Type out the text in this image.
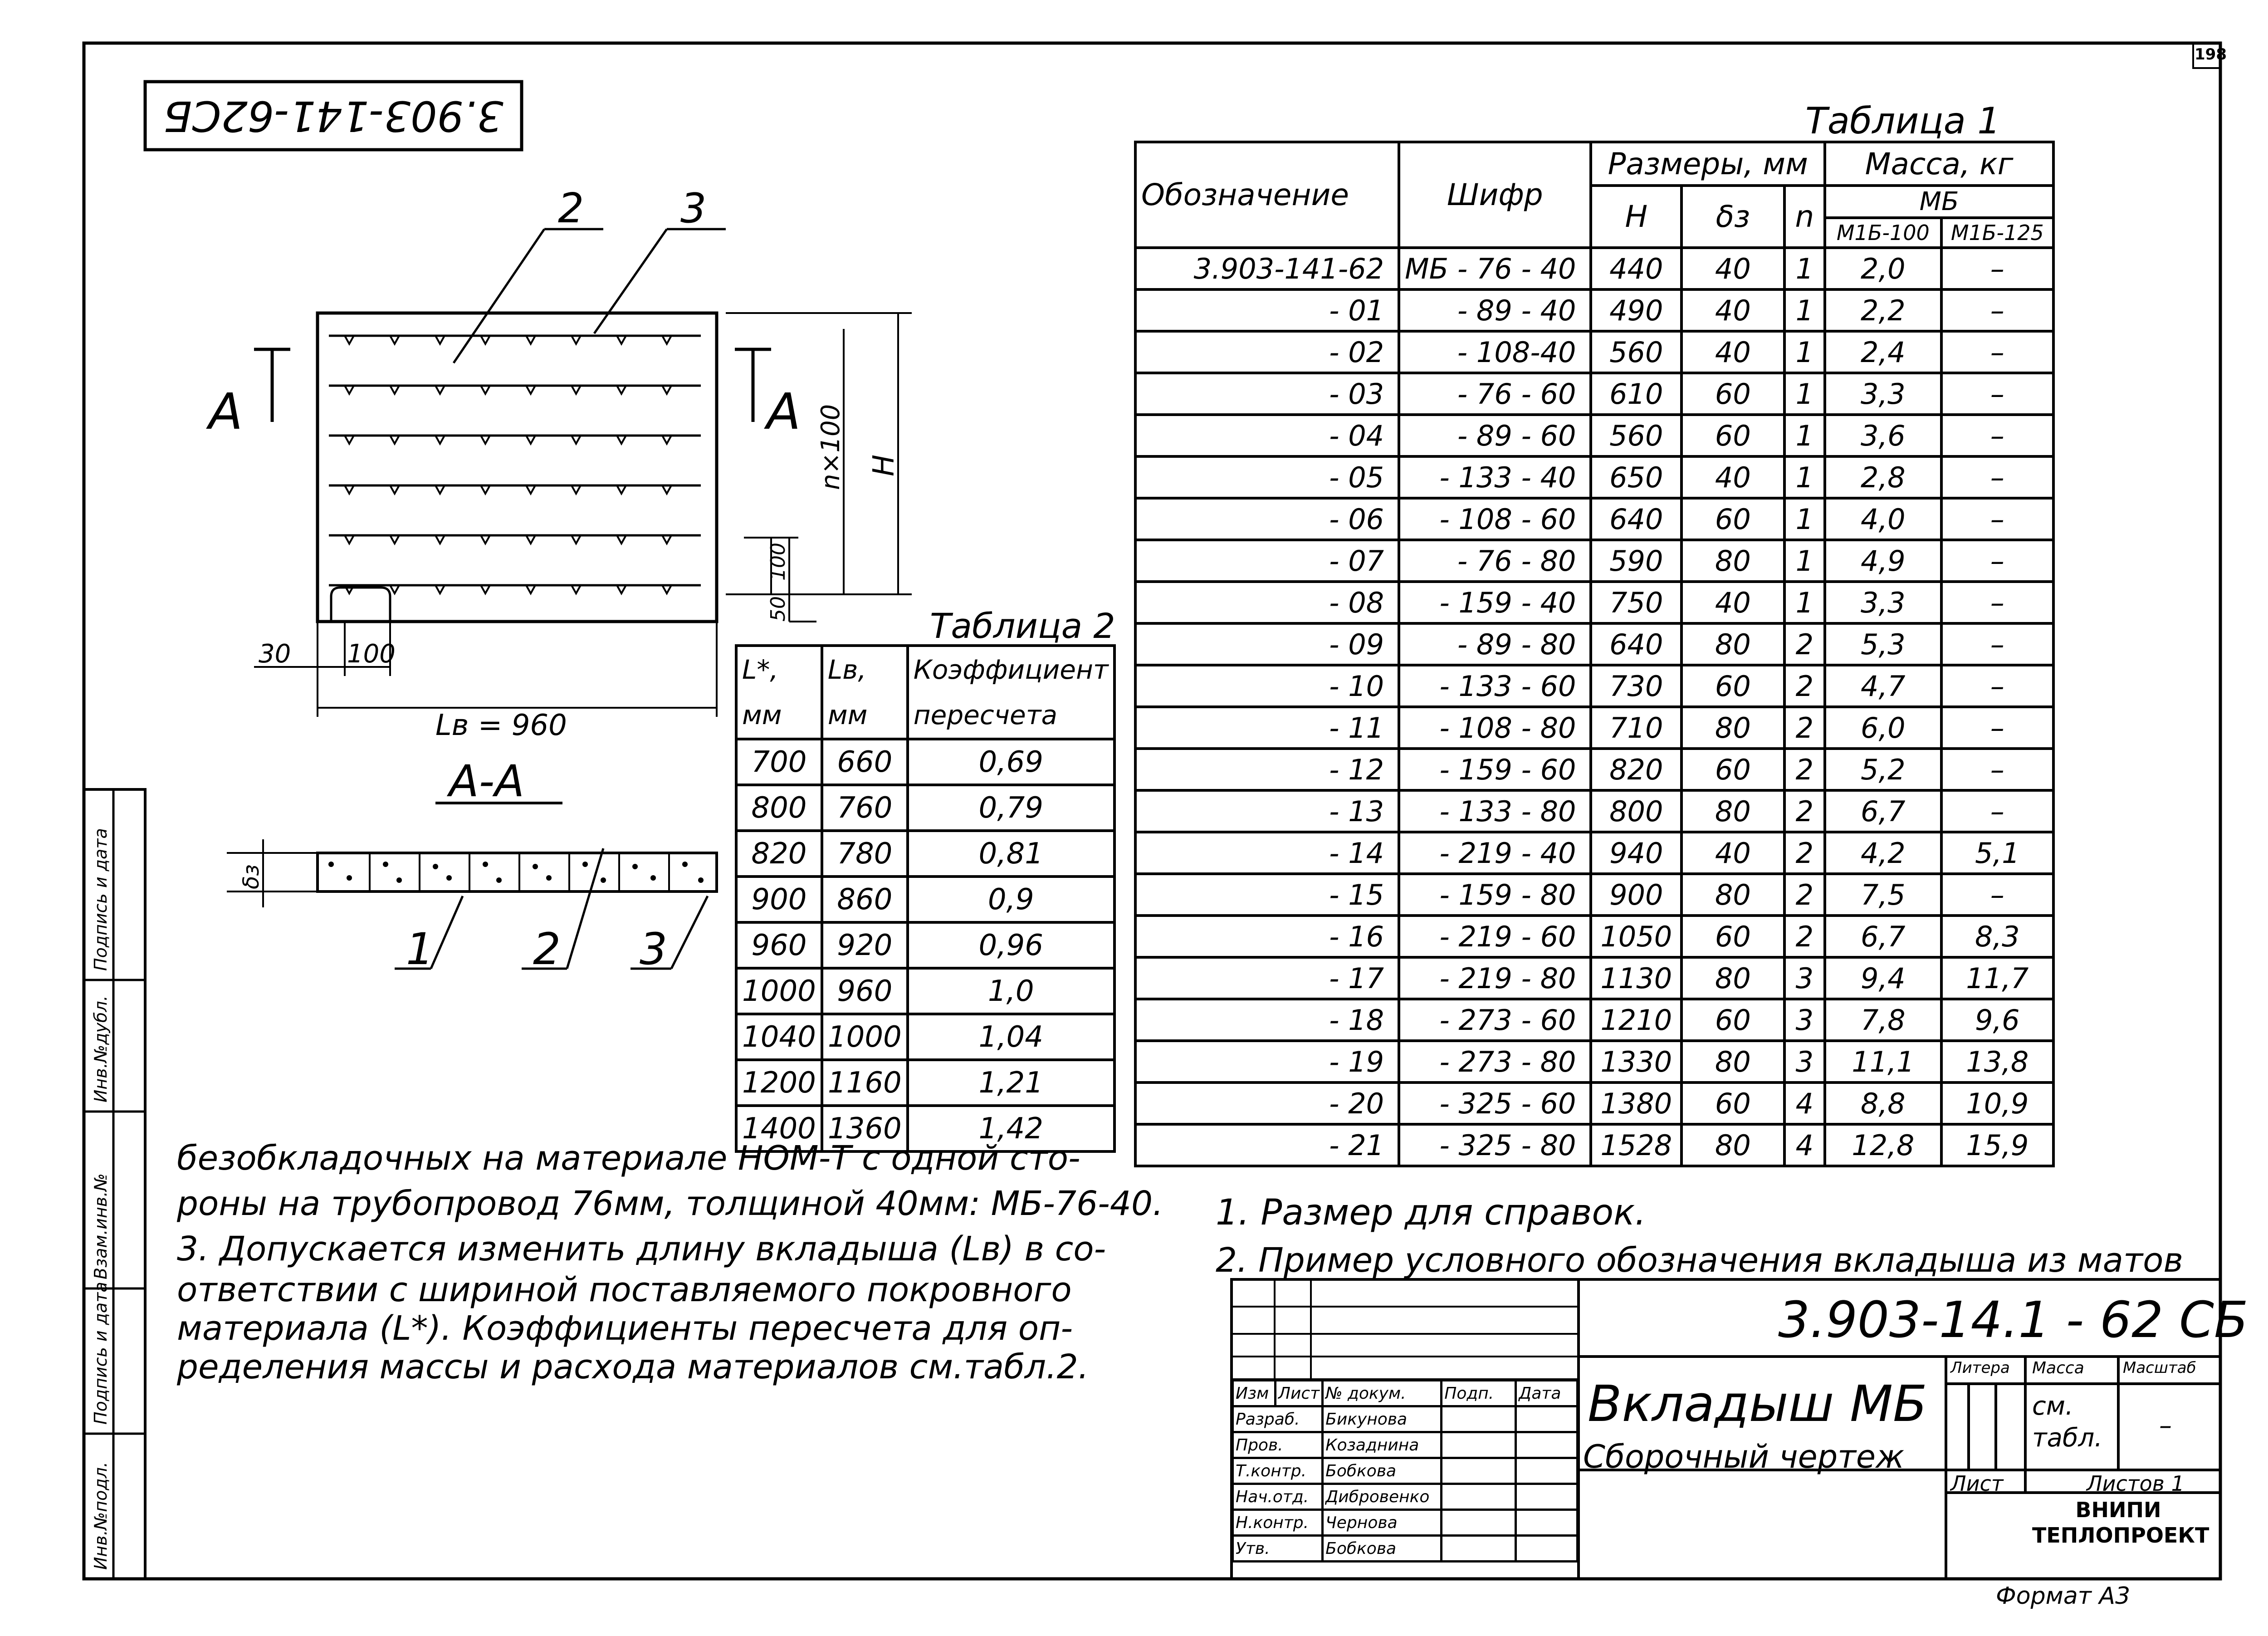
2 3
А	А n×100 H
50
100
30 100
Lв = 960
А-А
δз
1 2 3
3.903-141-62СБ
198
Инв.№подл.
Подпись и дата
Взам.инв.№
Инв.№дубл.
Подпись и дата
Таблица 1
Обозначение	Шифр	Размеры, мм			Масса, кг	
		H	δз	n	МБ	
					М1Б-100	М1Б-125
3.903-141-62	МБ - 76 - 40	440	40	1	2,0	–
- 01	- 89 - 40	490	40	1	2,2	–
- 02	- 108-40	560	40	1	2,4	–
- 03	- 76 - 60	610	60	1	3,3	–
- 04	- 89 - 60	560	60	1	3,6	–
- 05	- 133 - 40	650	40	1	2,8	–
- 06	- 108 - 60	640	60	1	4,0	–
- 07	- 76 - 80	590	80	1	4,9	–
- 08	- 159 - 40	750	40	1	3,3	–
- 09	- 89 - 80	640	80	2	5,3	–
- 10	- 133 - 60	730	60	2	4,7	–
- 11	- 108 - 80	710	80	2	6,0	–
- 12	- 159 - 60	820	60	2	5,2	–
- 13	- 133 - 80	800	80	2	6,7	–
- 14	- 219 - 40	940	40	2	4,2	5,1
- 15	- 159 - 80	900	80	2	7,5	–
- 16	- 219 - 60	1050	60	2	6,7	8,3
- 17	- 219 - 80	1130	80	3	9,4	11,7
- 18	- 273 - 60	1210	60	3	7,8	9,6
- 19	- 273 - 80	1330	80	3	11,1	13,8
- 20	- 325 - 60	1380	60	4	8,8	10,9
- 21	- 325 - 80	1528	80	4	12,8	15,9
Таблица 2
L*,	Lв,	Коэффициент
мм	мм	пересчета
700	660	0,69
800	760	0,79
820	780	0,81
900	860	0,9
960	920	0,96
1000	960	1,0
1040	1000	1,04
1200	1160	1,21
1400	1360	1,42
безобкладочных на материале НОМ-Т с одной сто-
роны на трубопровод 76мм, толщиной 40мм: МБ-76-40.
3. Допускается изменить длину вкладыша (Lв) в со-
ответствии с шириной поставляемого покровного
материала (L*). Коэффициенты пересчета для оп-
ределения массы и расхода материалов см.табл.2.
1. Размер для справок.
2. Пример условного обозначения вкладыша из матов
3.903-14.1 - 62 СБ
Вкладыш МБ
Сборочный чертеж
Литера Масса	Масштаб
см. табл. –
Лист	Листов 1
ВНИПИ ТЕПЛОПРОЕКТ
Изм	Лист	№ докум.	Подп.	Дата
Разраб.		Бикунова		
Пров.		Козаднина		
Т.контр.		Бобкова		
Нач.отд.		Дибровенко		
Н.контр.		Чернова		
Утв.		Бобкова		
Формат А3
